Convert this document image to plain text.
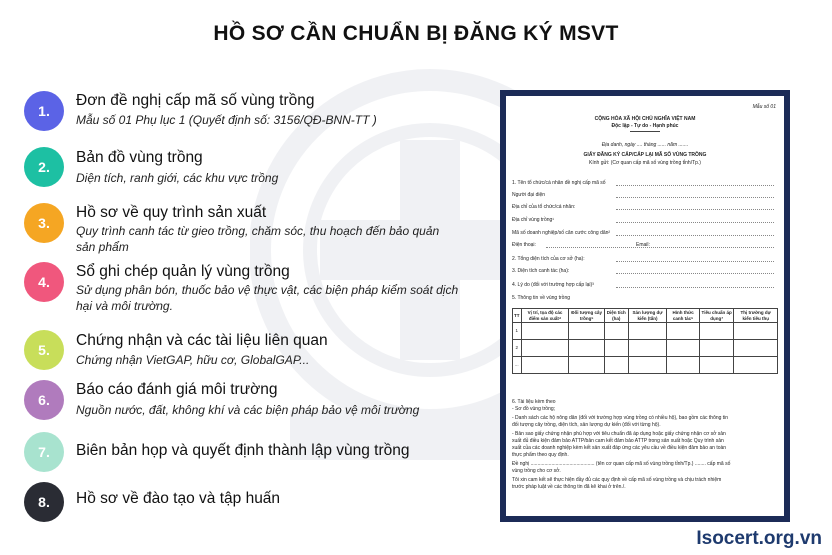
HỒ SƠ CẦN CHUẨN BỊ ĐĂNG KÝ MSVT
1.
Đơn đề nghị cấp mã số vùng trồng
Mẫu số 01 Phụ lục 1 (Quyết định số: 3156/QĐ-BNN-TT )
2.
Bản đồ vùng trồng
Diện tích, ranh giới, các khu vực trồng
3.
Hồ sơ về quy trình sản xuất
Quy trình canh tác từ gieo trồng, chăm sóc, thu hoạch đến bảo quản sản phẩm
4.
Sổ ghi chép quản lý vùng trồng
Sử dụng phân bón, thuốc bảo vệ thực vật, các biện pháp kiểm soát dịch hại và môi trường.
5.
Chứng nhận và các tài liệu liên quan
Chứng nhận VietGAP, hữu cơ, GlobalGAP...
6.
Báo cáo đánh giá môi trường
Nguồn nước, đất, không khí và các biện pháp bảo vệ môi trường
7.	Biên bản họp và quyết định thành lập vùng trồng
8.	Hồ sơ về đào tạo và tập huấn
Mẫu số 01
CỘNG HÒA XÃ HỘI CHỦ NGHĨA VIỆT NAM
Độc lập - Tự do - Hạnh phúc
Địa danh, ngày .... tháng ...... năm .......
GIẤY ĐĂNG KÝ CẤP/CẤP LẠI MÃ SỐ VÙNG TRỒNG
Kính gửi: (Cơ quan cấp mã số vùng trồng tỉnh/Tp.)
1. Tên tổ chức/cá nhân đề nghị cấp mã số
Người đại diện
Địa chỉ của tổ chức/cá nhân:
Địa chỉ vùng trồng¹
Mã số doanh nghiệp/số căn cước công dân²
Điện thoại:
2. Tổng diện tích của cơ sở (ha):
3. Diện tích canh tác (ha):
4. Lý do (đối với trường hợp cấp lại)³
5. Thông tin về vùng trồng
Email:
TT	Vị trí, tọa độ các điểm sản xuất⁴	Đối tượng cây trồng⁵	Diện tích (ha)	Sản lượng dự kiến (tấn)	Hình thức canh tác⁶	Tiêu chuẩn áp dụng⁷	Thị trường dự kiến tiêu thụ
1							
2							
...							
6. Tài liệu kèm theo
- Sơ đồ vùng trồng;
- Danh sách các hộ nông dân (đối với trường hợp vùng trồng có nhiều hộ), bao gồm các thông tin
đối tượng cây trồng, diện tích, sản lượng dự kiến (đối với từng hộ).
- Bản sao giấy chứng nhận phù hợp với tiêu chuẩn đã áp dụng hoặc giấy chứng nhận cơ sở sản
xuất đủ điều kiện đảm bảo ATTP/bản cam kết đảm bảo ATTP trong sản xuất hoặc Quy trình sản
xuất của các doanh nghiệp kèm kết sản xuất đáp ứng các yêu cầu về điều kiện đảm bảo an toàn
thực phẩm theo quy định.
Đề nghị .............................................. (tên cơ quan cấp mã số vùng trồng tỉnh/Tp.) ........ cấp mã số
vùng trồng cho cơ sở.
Tôi xin cam kết sẽ thực hiện đầy đủ các quy định về cấp mã số vùng trồng và chịu trách nhiệm
trước pháp luật về các thông tin đã kê khai ở trên./.
Isocert.org.vn
